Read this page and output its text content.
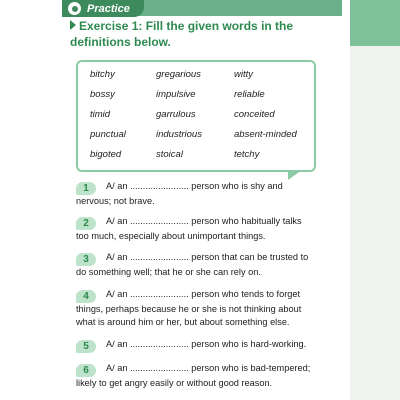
Practice
Exercise 1: Fill the given words in the definitions below.
bitchy	gregarious	witty
bossy	impulsive	reliable
timid	garrulous	conceited
punctual	industrious	absent-minded
bigoted	stoical	tetchy
1 A/ an ....................... person who is shy and nervous; not brave.
2 A/ an ....................... person who habitually talks too much, especially about unimportant things.
3 A/ an ....................... person that can be trusted to do something well; that he or she can rely on.
4 A/ an ....................... person who tends to forget things, perhaps because he or she is not thinking about what is around him or her, but about something else.
5 A/ an ....................... person who is hard-working.
6 A/ an ....................... person who is bad-tempered; likely to get angry easily or without good reason.
